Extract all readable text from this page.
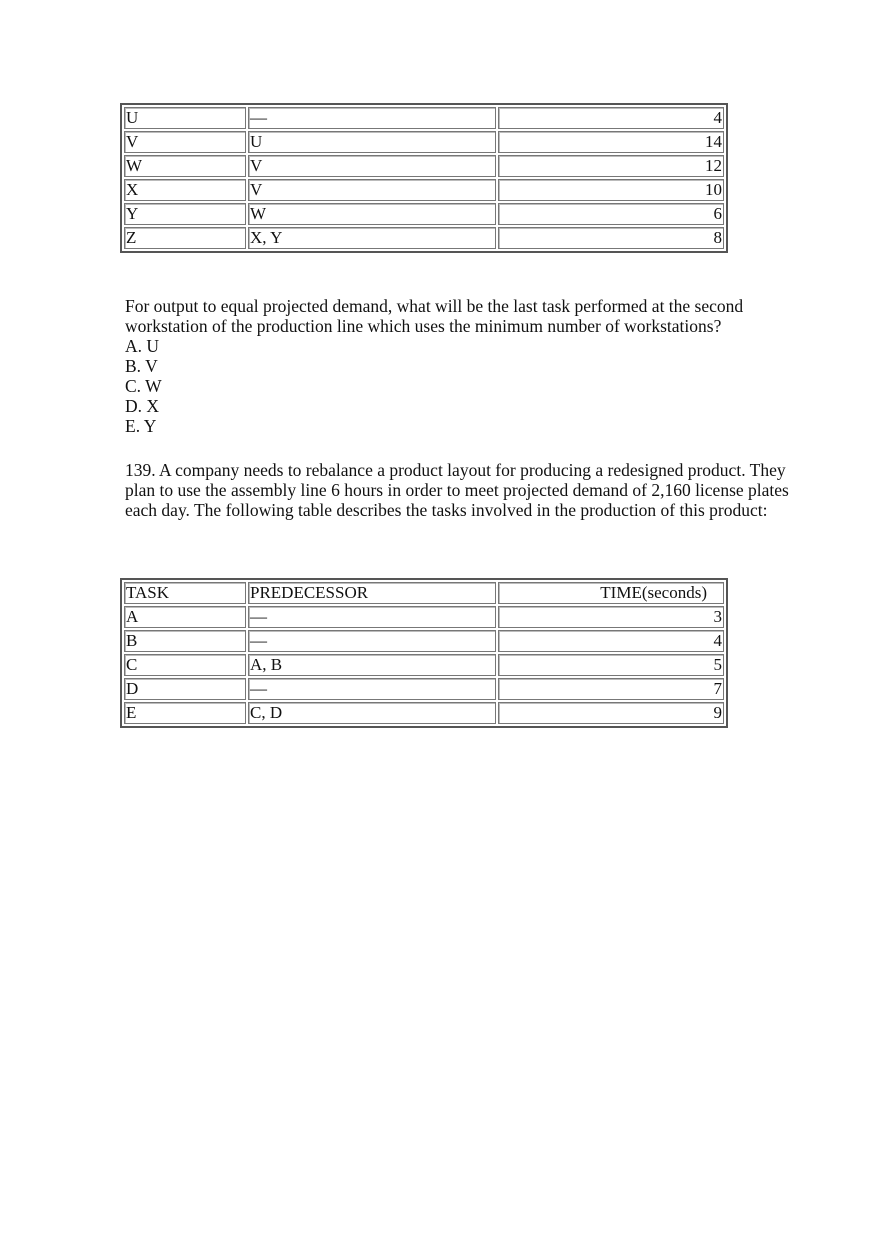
U	—	4
V	U	14
W	V	12
X	V	10
Y	W	6
Z	X, Y	8

For output to equal projected demand, what will be the last task performed at the second workstation of the production line which uses the minimum number of workstations?

A. U
B. V
C. W
D. X
E. Y

139. A company needs to rebalance a product layout for producing a redesigned product. They plan to use the assembly line 6 hours in order to meet projected demand of 2,160 license plates each day. The following table describes the tasks involved in the production of this product:

TASK	PREDECESSOR	TIME(seconds)
A	—	3
B	—	4
C	A, B	5
D	—	7
E	C, D	9
